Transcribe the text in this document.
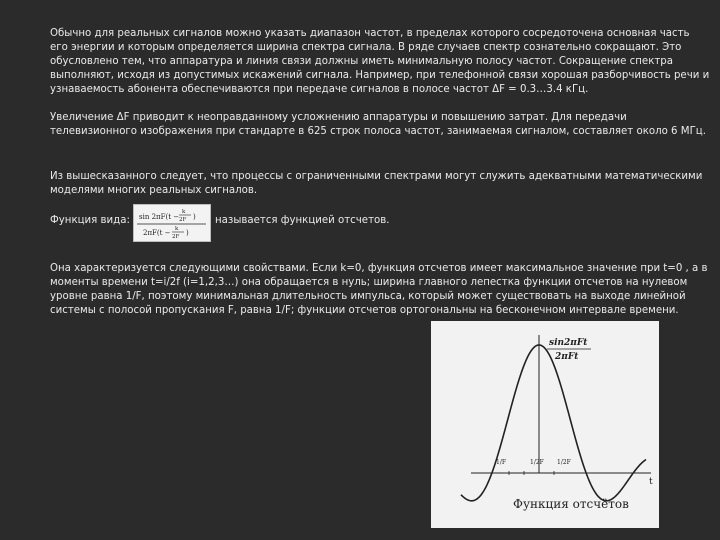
Обычно для реальных сигналов можно указать диапазон частот, в пределах которого сосредоточена основная часть его энергии и которым определяется ширина спектра сигнала. В ряде случаев спектр сознательно сокращают. Это обусловлено тем, что аппаратура и линия связи должны иметь минимальную полосу частот. Сокращение спектра выполняют, исходя из допустимых искажений сигнала. Например, при телефонной связи хорошая разборчивость речи и узнаваемость абонента обеспечиваются при передаче сигналов в полосе частот ΔF = 0.3…3.4 кГц.

Увеличение ΔF приводит к неоправданному усложнению аппаратуры и повышению затрат. Для передачи телевизионного изображения при стандарте в 625 строк полоса частот, занимаемая сигналом, составляет около 6 МГц.

Из вышесказанного следует, что процессы с ограниченными спектрами могут служить адекватными математическими моделями многих реальных сигналов.

Функция вида: sin 2πF(t −
k
2F )
2πF(t − k
2F )

называется функцией отсчетов.

Она характеризуется следующими свойствами. Если k=0, функция отсчетов имеет максимальное значение при t=0 , а в моменты времени t=i/2f (i=1,2,3…) она обращается в нуль; ширина главного лепестка функции отсчетов на нулевом уровне равна 1/F, поэтому минимальная длительность импульса, который может существовать на выходе линейной системы с полосой пропускания F, равна 1/F; функции отсчетов ортогональны на бесконечном интервале времени.

t
sin2πFt
2πFt
1/F	1/2F 1/2F
Функция отсчётов
